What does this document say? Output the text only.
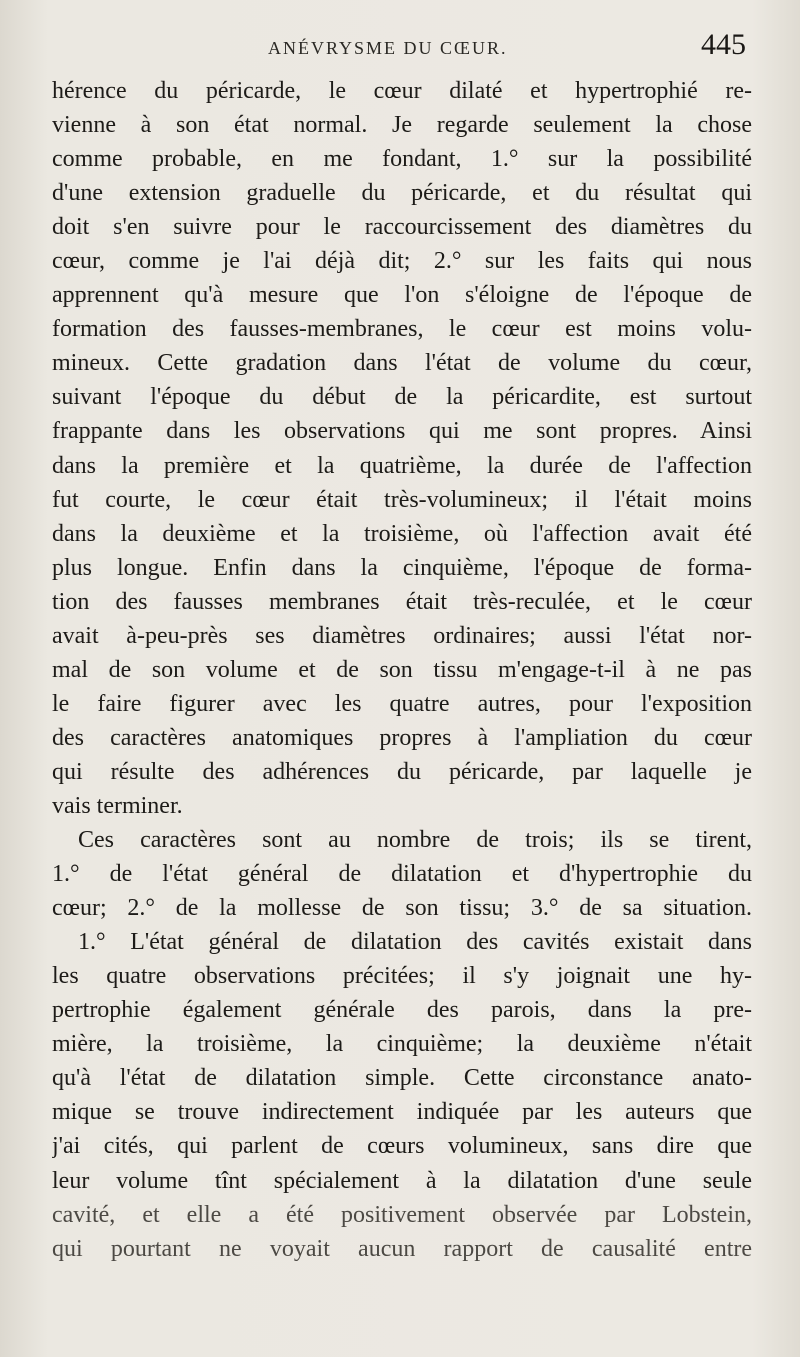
ANÉVRYSME DU CŒUR.	445
hérence du péricarde, le cœur dilaté et hypertrophié re-
vienne à son état normal. Je regarde seulement la chose
comme probable, en me fondant, 1.° sur la possibilité
d'une extension graduelle du péricarde, et du résultat qui
doit s'en suivre pour le raccourcissement des diamètres du
cœur, comme je l'ai déjà dit; 2.° sur les faits qui nous
apprennent qu'à mesure que l'on s'éloigne de l'époque de
formation des fausses-membranes, le cœur est moins volu-
mineux. Cette gradation dans l'état de volume du cœur,
suivant l'époque du début de la péricardite, est surtout
frappante dans les observations qui me sont propres. Ainsi
dans la première et la quatrième, la durée de l'affection
fut courte, le cœur était très-volumineux; il l'était moins
dans la deuxième et la troisième, où l'affection avait été
plus longue. Enfin dans la cinquième, l'époque de forma-
tion des fausses membranes était très-reculée, et le cœur
avait à-peu-près ses diamètres ordinaires; aussi l'état nor-
mal de son volume et de son tissu m'engage-t-il à ne pas
le faire figurer avec les quatre autres, pour l'exposition
des caractères anatomiques propres à l'ampliation du cœur
qui résulte des adhérences du péricarde, par laquelle je
vais terminer.
Ces caractères sont au nombre de trois; ils se tirent,
1.° de l'état général de dilatation et d'hypertrophie du
cœur; 2.° de la mollesse de son tissu; 3.° de sa situation.
1.° L'état général de dilatation des cavités existait dans
les quatre observations précitées; il s'y joignait une hy-
pertrophie également générale des parois, dans la pre-
mière, la troisième, la cinquième; la deuxième n'était
qu'à l'état de dilatation simple. Cette circonstance anato-
mique se trouve indirectement indiquée par les auteurs que
j'ai cités, qui parlent de cœurs volumineux, sans dire que
leur volume tînt spécialement à la dilatation d'une seule
cavité, et elle a été positivement observée par Lobstein,
qui pourtant ne voyait aucun rapport de causalité entre
